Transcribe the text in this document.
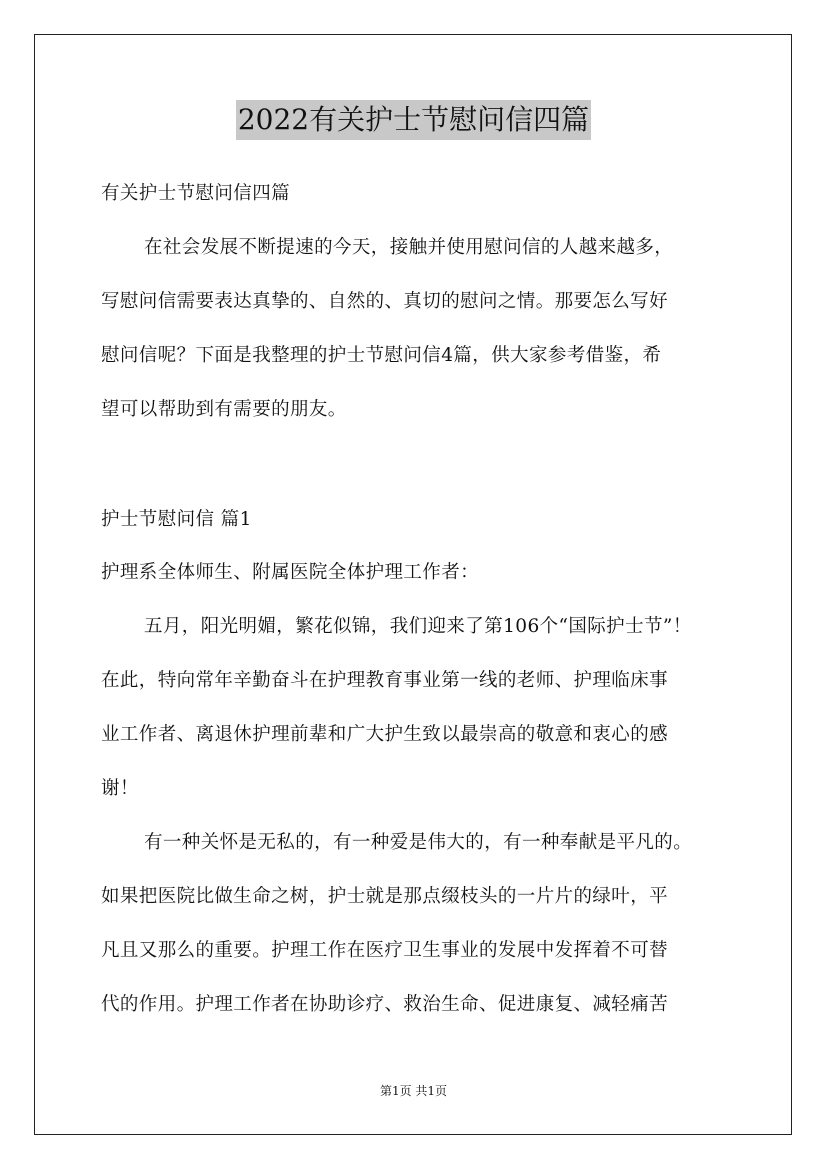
2022有关护士节慰问信四篇
有关护士节慰问信四篇
在社会发展不断提速的今天，接触并使用慰问信的人越来越多，
写慰问信需要表达真挚的、自然的、真切的慰问之情。那要怎么写好
慰问信呢？下面是我整理的护士节慰问信4篇，供大家参考借鉴，希
望可以帮助到有需要的朋友。
护士节慰问信 篇1
护理系全体师生、附属医院全体护理工作者：
五月，阳光明媚，繁花似锦，我们迎来了第106个“国际护士节”！
在此，特向常年辛勤奋斗在护理教育事业第一线的老师、护理临床事
业工作者、离退休护理前辈和广大护生致以最崇高的敬意和衷心的感
谢！
有一种关怀是无私的，有一种爱是伟大的，有一种奉献是平凡的。
如果把医院比做生命之树，护士就是那点缀枝头的一片片的绿叶，平
凡且又那么的重要。护理工作在医疗卫生事业的发展中发挥着不可替
代的作用。护理工作者在协助诊疗、救治生命、促进康复、减轻痛苦
第1页 共1页
